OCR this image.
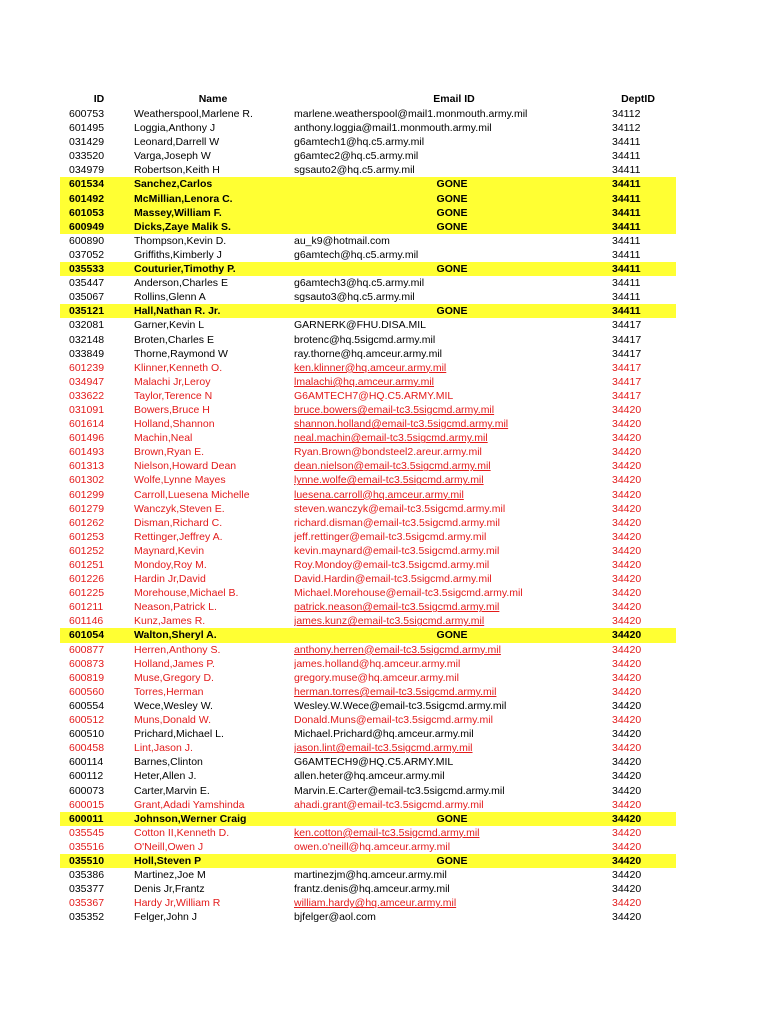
ID	Name	Email ID	DeptID
600753	Weatherspool,Marlene R.	marlene.weatherspool@mail1.monmouth.army.mil	34112
601495	Loggia,Anthony J	anthony.loggia@mail1.monmouth.army.mil	34112
031429	Leonard,Darrell W	g6amtech1@hq.c5.army.mil	34411
033520	Varga,Joseph W	g6amtec2@hq.c5.army.mil	34411
034979	Robertson,Keith H	sgsauto2@hq.c5.army.mil	34411
601534	Sanchez,Carlos	GONE	34411
601492	McMillian,Lenora C.	GONE	34411
601053	Massey,William F.	GONE	34411
600949	Dicks,Zaye Malik S.	GONE	34411
600890	Thompson,Kevin D.	au_k9@hotmail.com	34411
037052	Griffiths,Kimberly J	g6amtech@hq.c5.army.mil	34411
035533	Couturier,Timothy P.	GONE	34411
035447	Anderson,Charles E	g6amtech3@hq.c5.army.mil	34411
035067	Rollins,Glenn A	sgsauto3@hq.c5.army.mil	34411
035121	Hall,Nathan R. Jr.	GONE	34411
032081	Garner,Kevin L	GARNERK@FHU.DISA.MIL	34417
032148	Broten,Charles E	brotenc@hq.5sigcmd.army.mil	34417
033849	Thorne,Raymond W	ray.thorne@hq.amceur.army.mil	34417
601239	Klinner,Kenneth O.	ken.klinner@hq.amceur.army.mil	34417
034947	Malachi Jr,Leroy	lmalachi@hq.amceur.army.mil	34417
033622	Taylor,Terence N	G6AMTECH7@HQ.C5.ARMY.MIL	34417
031091	Bowers,Bruce H	bruce.bowers@email-tc3.5sigcmd.army.mil	34420
601614	Holland,Shannon	shannon.holland@email-tc3.5sigcmd.army.mil	34420
601496	Machin,Neal	neal.machin@email-tc3.5sigcmd.army.mil	34420
601493	Brown,Ryan E.	Ryan.Brown@bondsteel2.areur.army.mil	34420
601313	Nielson,Howard Dean	dean.nielson@email-tc3.5sigcmd.army.mil	34420
601302	Wolfe,Lynne Mayes	lynne.wolfe@email-tc3.5sigcmd.army.mil	34420
601299	Carroll,Luesena Michelle	luesena.carroll@hq.amceur.army.mil	34420
601279	Wanczyk,Steven E.	steven.wanczyk@email-tc3.5sigcmd.army.mil	34420
601262	Disman,Richard C.	richard.disman@email-tc3.5sigcmd.army.mil	34420
601253	Rettinger,Jeffrey A.	jeff.rettinger@email-tc3.5sigcmd.army.mil	34420
601252	Maynard,Kevin	kevin.maynard@email-tc3.5sigcmd.army.mil	34420
601251	Mondoy,Roy M.	Roy.Mondoy@email-tc3.5sigcmd.army.mil	34420
601226	Hardin Jr,David	David.Hardin@email-tc3.5sigcmd.army.mil	34420
601225	Morehouse,Michael B.	Michael.Morehouse@email-tc3.5sigcmd.army.mil	34420
601211	Neason,Patrick L.	patrick.neason@email-tc3.5sigcmd.army.mil	34420
601146	Kunz,James R.	james.kunz@email-tc3.5sigcmd.army.mil	34420
601054	Walton,Sheryl A.	GONE	34420
600877	Herren,Anthony S.	anthony.herren@email-tc3.5sigcmd.army.mil	34420
600873	Holland,James P.	james.holland@hq.amceur.army.mil	34420
600819	Muse,Gregory D.	gregory.muse@hq.amceur.army.mil	34420
600560	Torres,Herman	herman.torres@email-tc3.5sigcmd.army.mil	34420
600554	Wece,Wesley W.	Wesley.W.Wece@email-tc3.5sigcmd.army.mil	34420
600512	Muns,Donald W.	Donald.Muns@email-tc3.5sigcmd.army.mil	34420
600510	Prichard,Michael L.	Michael.Prichard@hq.amceur.army.mil	34420
600458	Lint,Jason J.	jason.lint@email-tc3.5sigcmd.army.mil	34420
600114	Barnes,Clinton	G6AMTECH9@HQ.C5.ARMY.MIL	34420
600112	Heter,Allen J.	allen.heter@hq.amceur.army.mil	34420
600073	Carter,Marvin E.	Marvin.E.Carter@email-tc3.5sigcmd.army.mil	34420
600015	Grant,Adadi Yamshinda	ahadi.grant@email-tc3.5sigcmd.army.mil	34420
600011	Johnson,Werner Craig	GONE	34420
035545	Cotton II,Kenneth D.	ken.cotton@email-tc3.5sigcmd.army.mil	34420
035516	O'Neill,Owen J	owen.o'neill@hq.amceur.army.mil	34420
035510	Holl,Steven P	GONE	34420
035386	Martinez,Joe M	martinezjm@hq.amceur.army.mil	34420
035377	Denis Jr,Frantz	frantz.denis@hq.amceur.army.mil	34420
035367	Hardy Jr,William R	william.hardy@hq.amceur.army.mil	34420
035352	Felger,John J	bjfelger@aol.com	34420
